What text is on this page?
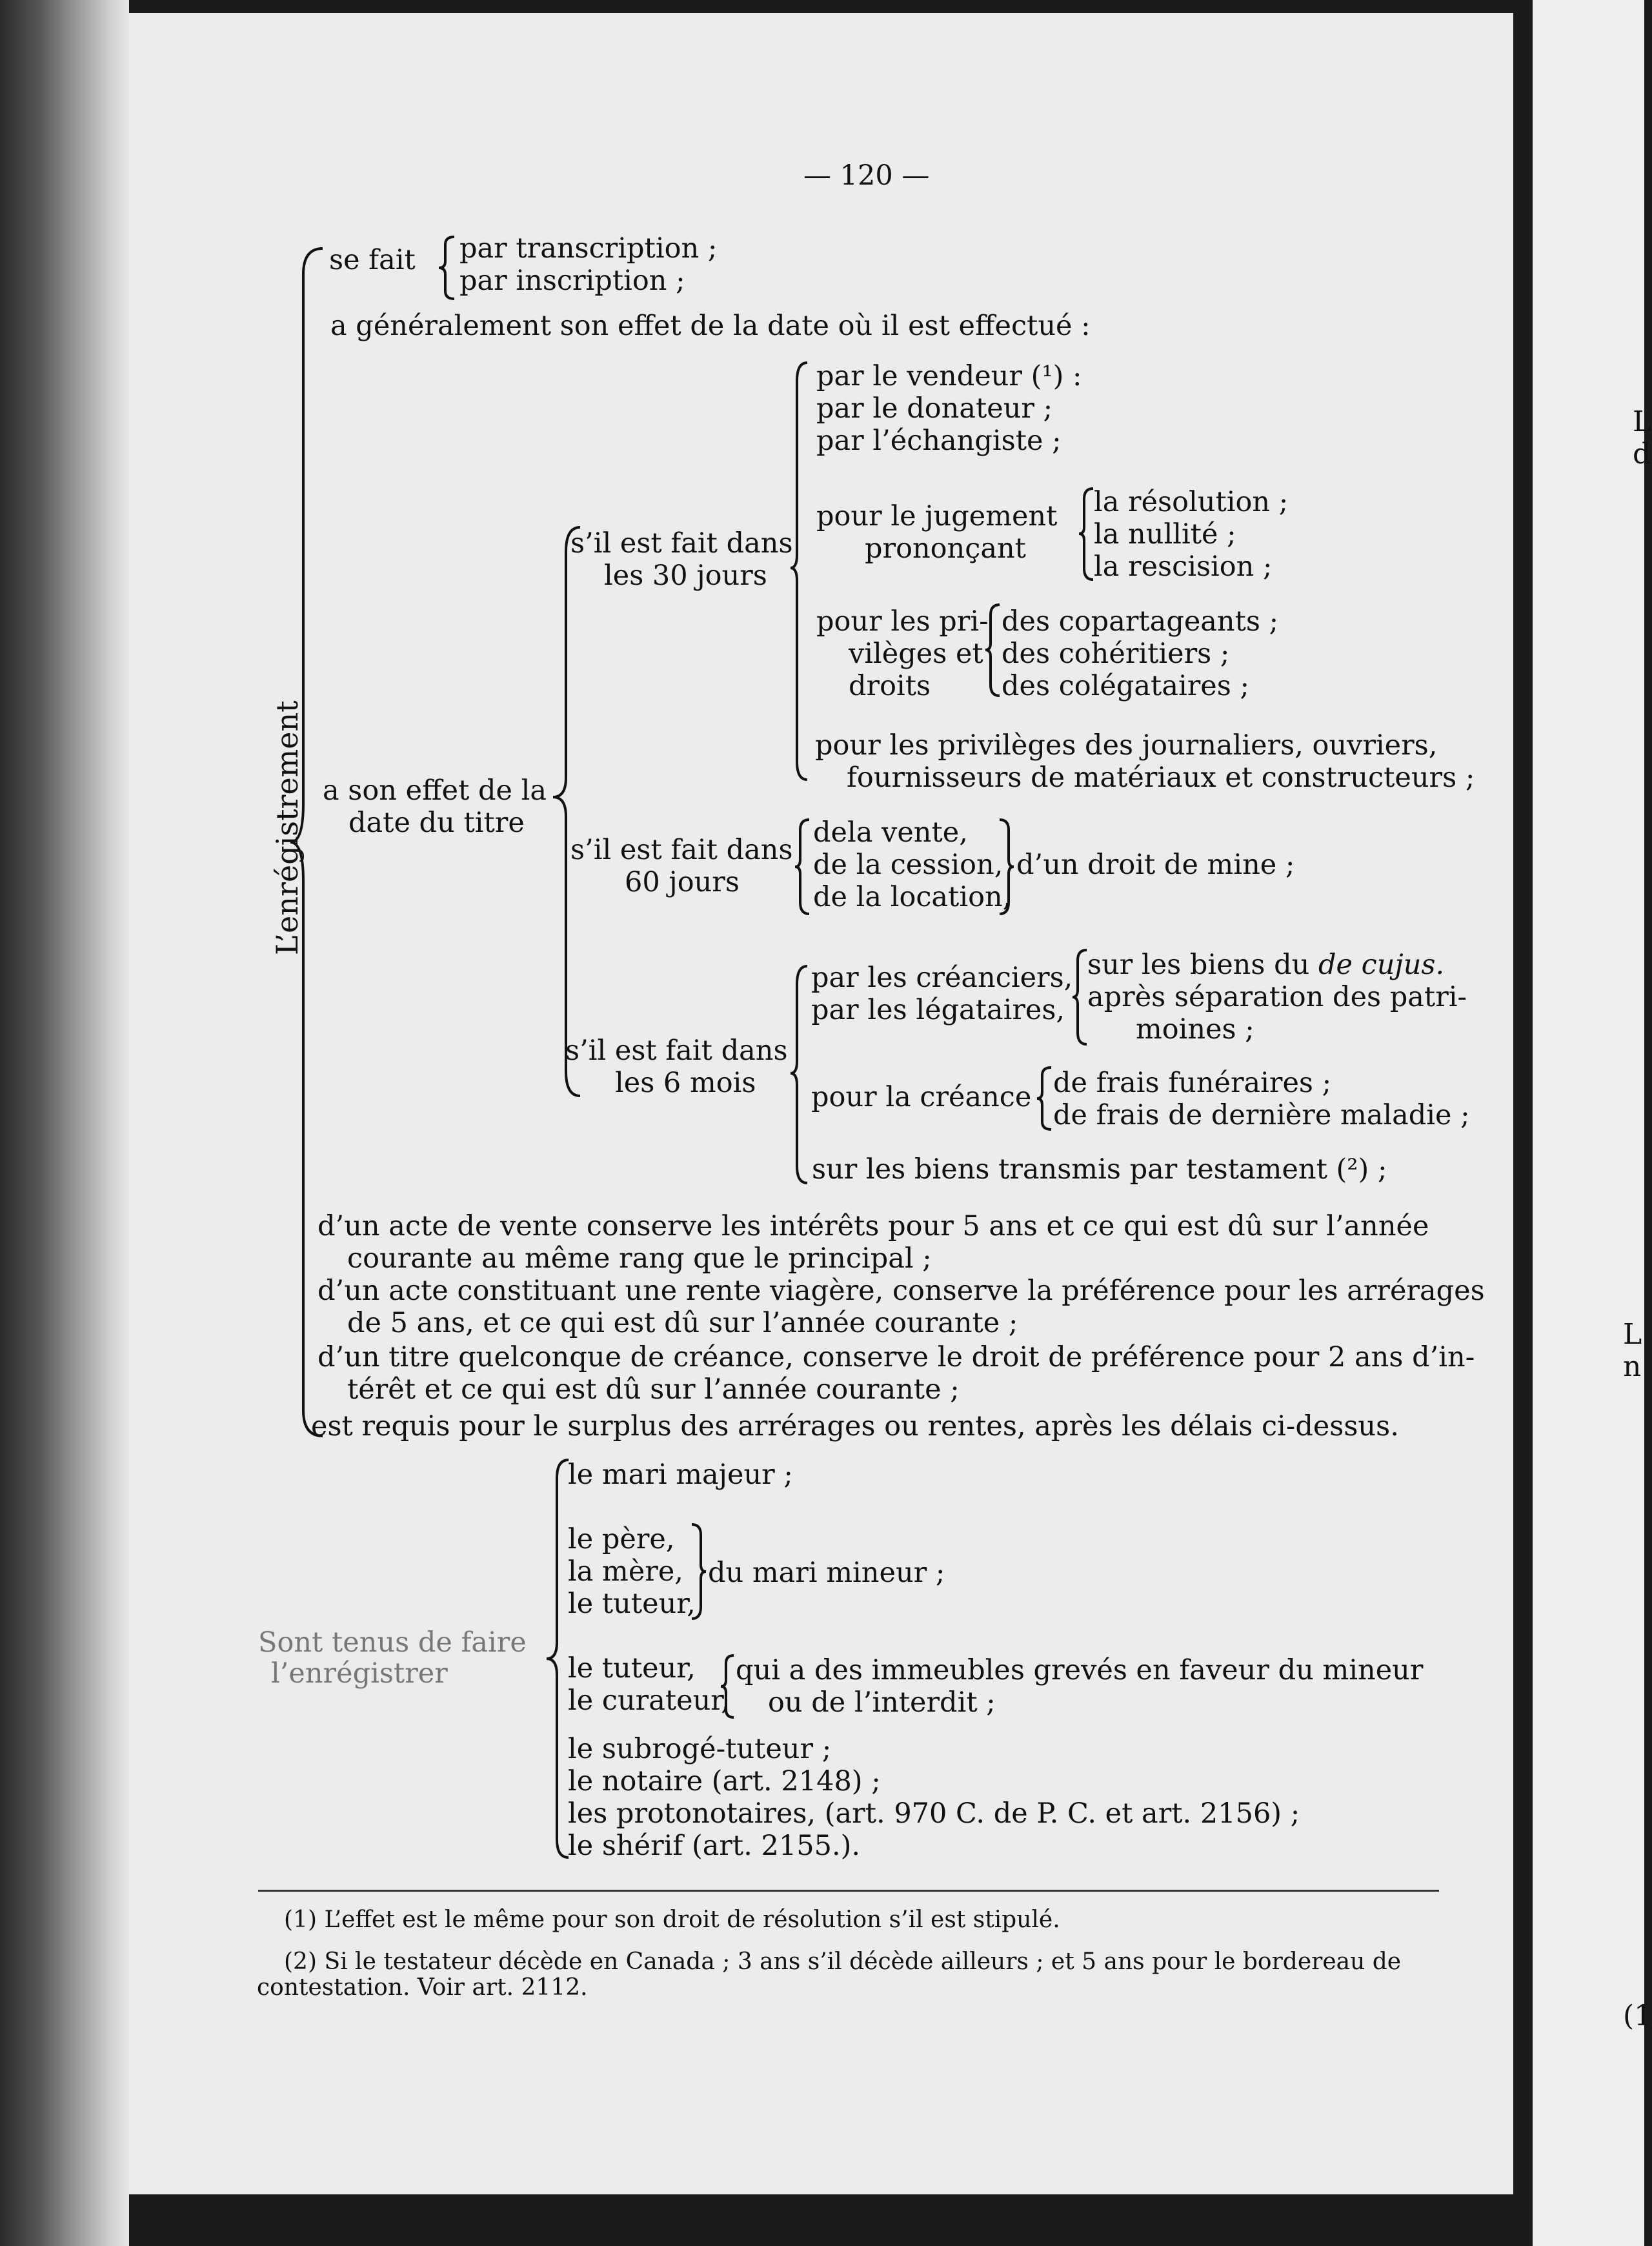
— 120 —
L’enrégistrement
se fait par transcription ;
par inscription ;
a généralement son effet de la date où il est effectué :
a son effet de la
date du titre
s’il est fait dans
les 30 jours
par le vendeur (¹) :
par le donateur ;
par l’échangiste ;
pour le jugement
prononçant
la résolution ;
la nullité ;
la rescision ;
pour les pri-
vilèges et
droits
des copartageants ;
des cohéritiers ;
des colégataires ;
pour les privilèges des journaliers, ouvriers,
fournisseurs de matériaux et constructeurs ;
s’il est fait dans
60 jours
dela vente,
de la cession,
de la location,
d’un droit de mine ;
s’il est fait dans
les 6 mois
par les créanciers,
par les légataires,
sur les biens du de cujus.
après séparation des patri-
moines ;
pour la créance de frais funéraires ;
de frais de dernière maladie ;
sur les biens transmis par testament (²) ;
d’un acte de vente conserve les intérêts pour 5 ans et ce qui est dû sur l’année
courante au même rang que le principal ;
d’un acte constituant une rente viagère, conserve la préférence pour les arrérages
de 5 ans, et ce qui est dû sur l’année courante ;
d’un titre quelconque de créance, conserve le droit de préférence pour 2 ans d’in-
térêt et ce qui est dû sur l’année courante ;
est requis pour le surplus des arrérages ou rentes, après les délais ci-dessus.
Sont tenus de faire
l’enrégistrer
le mari majeur ;
le père,
la mère,
le tuteur,
du mari mineur ;
le tuteur,
le curateur,
qui a des immeubles grevés en faveur du mineur
ou de l’interdit ;
le subrogé-tuteur ;
le notaire (art. 2148) ;
les protonotaires, (art. 970 C. de P. C. et art. 2156) ;
le shérif (art. 2155.).
(1) L’effet est le même pour son droit de résolution s’il est stipulé.
(2) Si le testateur décède en Canada ; 3 ans s’il décède ailleurs ; et 5 ans pour le bordereau de
contestation. Voir art. 2112.
L
d
L
n
(1
